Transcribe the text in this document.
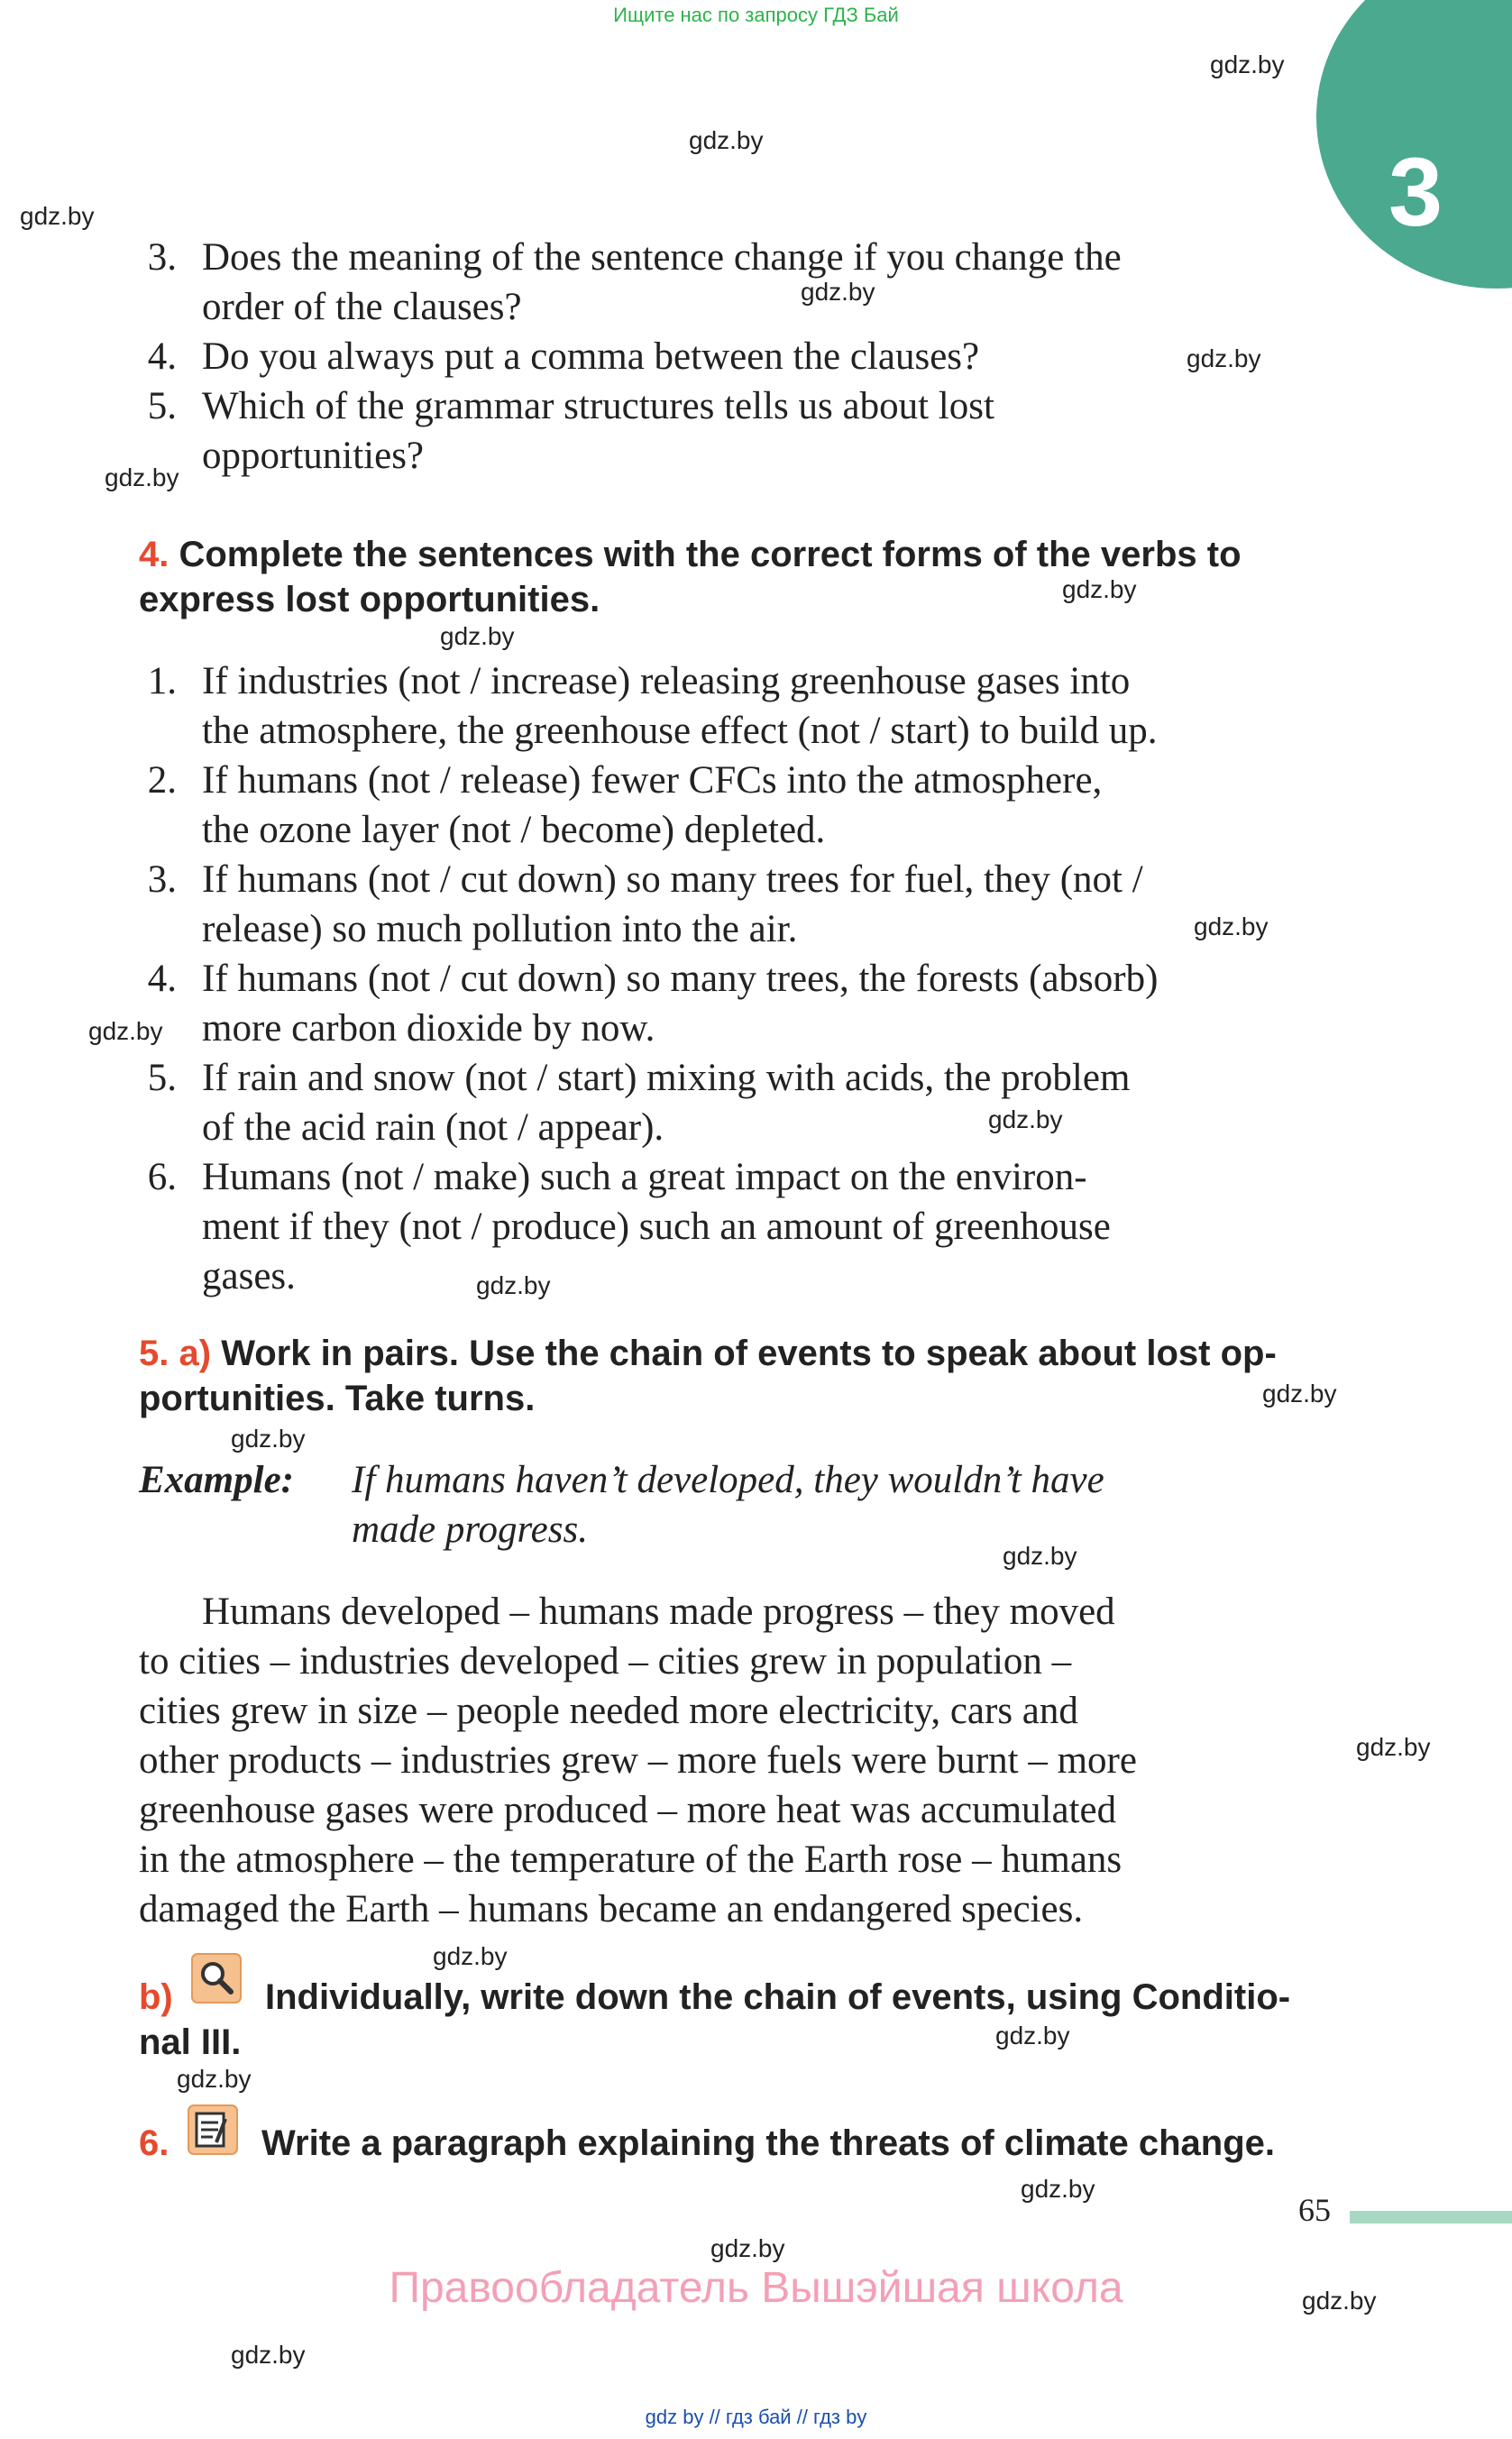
Ищите нас по запросу ГДЗ Бай
3
gdz.by
gdz.by
gdz.by
gdz.by
gdz.by
gdz.by
gdz.by
gdz.by
gdz.by
gdz.by
gdz.by
gdz.by
gdz.by
gdz.by
gdz.by
gdz.by
gdz.by
gdz.by
gdz.by
gdz.by
gdz.by
gdz.by
gdz.by
3. Does the meaning of the sentence change if you change the
order of the clauses?
4. Do you always put a comma between the clauses?
5. Which of the grammar structures tells us about lost
opportunities?
4. Complete the sentences with the correct forms of the verbs to
express lost opportunities.
1. If industries (not / increase) releasing greenhouse gases into
the atmosphere, the greenhouse effect (not / start) to build up.
2. If humans (not / release) fewer CFCs into the atmosphere,
the ozone layer (not / become) depleted.
3. If humans (not / cut down) so many trees for fuel, they (not /
release) so much pollution into the air.
4. If humans (not / cut down) so many trees, the forests (absorb)
more carbon dioxide by now.
5. If rain and snow (not / start) mixing with acids, the problem
of the acid rain (not / appear).
6. Humans (not / make) such a great impact on the environ-
ment if they (not / produce) such an amount of greenhouse
gases.
5. a) Work in pairs. Use the chain of events to speak about lost op-
portunities. Take turns.
Example: If humans haven’t developed, they wouldn’t have
made progress.
Humans developed – humans made progress – they moved
to cities – industries developed – cities grew in population –
cities grew in size – people needed more electricity, cars and
other products – industries grew – more fuels were burnt – more
greenhouse gases were produced – more heat was accumulated
in the atmosphere – the temperature of the Earth rose – humans
damaged the Earth – humans became an endangered species.
b)	Individually, write down the chain of events, using Conditio-
nal III.
6.	Write a paragraph explaining the threats of climate change.
65
Правообладатель Вышэйшая школа
gdz by // гдз бай // гдз by
